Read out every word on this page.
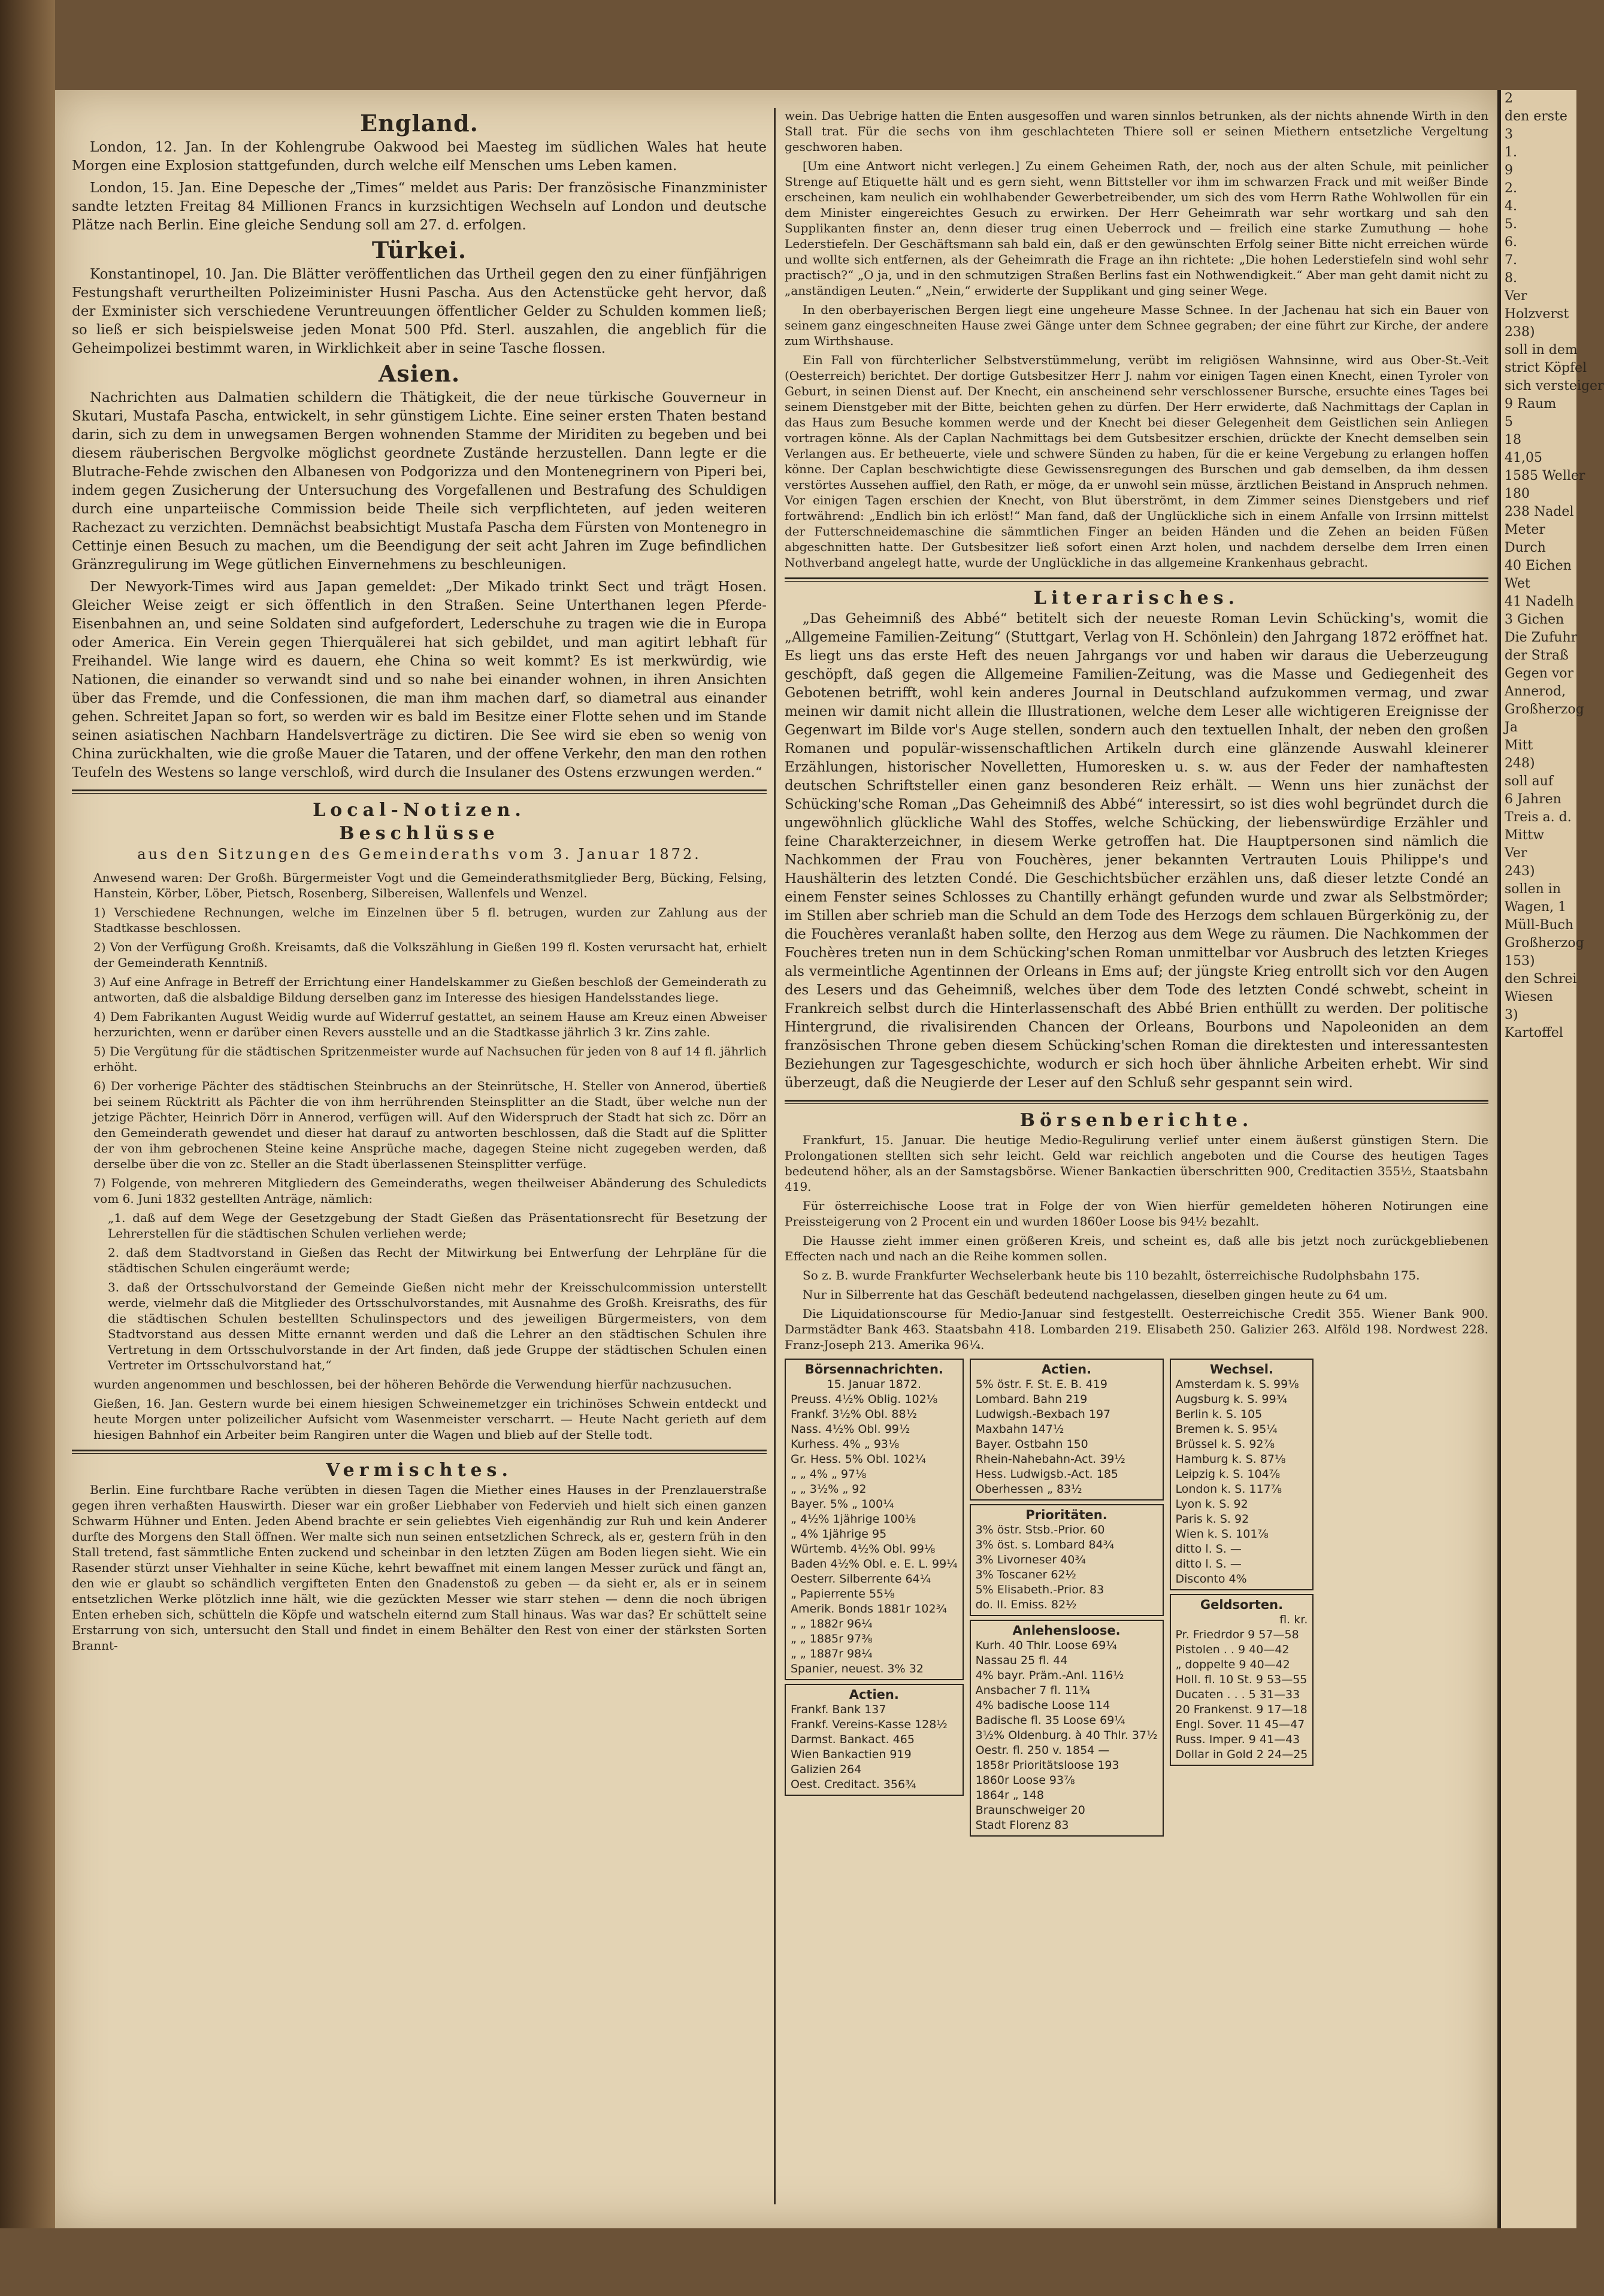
England.

London, 12. Jan. In der Kohlengrube Oakwood bei Maesteg im südlichen Wales hat heute Morgen eine Explosion stattgefunden, durch welche eilf Menschen ums Leben kamen.

London, 15. Jan. Eine Depesche der „Times“ meldet aus Paris: Der französische Finanzminister sandte letzten Freitag 84 Millionen Francs in kurzsichtigen Wechseln auf London und deutsche Plätze nach Berlin. Eine gleiche Sendung soll am 27. d. erfolgen.

Türkei.

Konstantinopel, 10. Jan. Die Blätter veröffentlichen das Urtheil gegen den zu einer fünfjährigen Festungshaft verurtheilten Polizeiminister Husni Pascha. Aus den Actenstücke geht hervor, daß der Exminister sich verschiedene Veruntreuungen öffentlicher Gelder zu Schulden kommen ließ; so ließ er sich beispielsweise jeden Monat 500 Pfd. Sterl. auszahlen, die angeblich für die Geheimpolizei bestimmt waren, in Wirklichkeit aber in seine Tasche flossen.

Asien.

Nachrichten aus Dalmatien schildern die Thätigkeit, die der neue türkische Gouverneur in Skutari, Mustafa Pascha, entwickelt, in sehr günstigem Lichte. Eine seiner ersten Thaten bestand darin, sich zu dem in unwegsamen Bergen wohnenden Stamme der Miriditen zu begeben und bei diesem räuberischen Bergvolke möglichst geordnete Zustände herzustellen. Dann legte er die Blutrache-Fehde zwischen den Albanesen von Podgorizza und den Montenegrinern von Piperi bei, indem gegen Zusicherung der Untersuchung des Vorgefallenen und Bestrafung des Schuldigen durch eine unparteiische Commission beide Theile sich verpflichteten, auf jeden weiteren Rachezact zu verzichten. Demnächst beabsichtigt Mustafa Pascha dem Fürsten von Montenegro in Cettinje einen Besuch zu machen, um die Beendigung der seit acht Jahren im Zuge befindlichen Gränzregulirung im Wege gütlichen Einvernehmens zu beschleunigen.

Der Newyork-Times wird aus Japan gemeldet: „Der Mikado trinkt Sect und trägt Hosen. Gleicher Weise zeigt er sich öffentlich in den Straßen. Seine Unterthanen legen Pferde-Eisenbahnen an, und seine Soldaten sind aufgefordert, Lederschuhe zu tragen wie die in Europa oder America. Ein Verein gegen Thierquälerei hat sich gebildet, und man agitirt lebhaft für Freihandel. Wie lange wird es dauern, ehe China so weit kommt? Es ist merkwürdig, wie Nationen, die einander so verwandt sind und so nahe bei einander wohnen, in ihren Ansichten über das Fremde, und die Confessionen, die man ihm machen darf, so diametral aus einander gehen. Schreitet Japan so fort, so werden wir es bald im Besitze einer Flotte sehen und im Stande seinen asiatischen Nachbarn Handelsverträge zu dictiren. Die See wird sie eben so wenig von China zurückhalten, wie die große Mauer die Tataren, und der offene Verkehr, den man den rothen Teufeln des Westens so lange verschloß, wird durch die Insulaner des Ostens erzwungen werden.“

Local-Notizen.
Beschlüsse
aus den Sitzungen des Gemeinderaths vom 3. Januar 1872.

Anwesend waren: Der Großh. Bürgermeister Vogt und die Gemeinderathsmitglieder Berg, Bücking, Felsing, Hanstein, Körber, Löber, Pietsch, Rosenberg, Silbereisen, Wallenfels und Wenzel.

1) Verschiedene Rechnungen, welche im Einzelnen über 5 fl. betrugen, wurden zur Zahlung aus der Stadtkasse beschlossen.

2) Von der Verfügung Großh. Kreisamts, daß die Volkszählung in Gießen 199 fl. Kosten verursacht hat, erhielt der Gemeinderath Kenntniß.

3) Auf eine Anfrage in Betreff der Errichtung einer Handelskammer zu Gießen beschloß der Gemeinderath zu antworten, daß die alsbaldige Bildung derselben ganz im Interesse des hiesigen Handelsstandes liege.

4) Dem Fabrikanten August Weidig wurde auf Widerruf gestattet, an seinem Hause am Kreuz einen Abweiser herzurichten, wenn er darüber einen Revers ausstelle und an die Stadtkasse jährlich 3 kr. Zins zahle.

5) Die Vergütung für die städtischen Spritzenmeister wurde auf Nachsuchen für jeden von 8 auf 14 fl. jährlich erhöht.

6) Der vorherige Pächter des städtischen Steinbruchs an der Steinrütsche, H. Steller von Annerod, übertieß bei seinem Rücktritt als Pächter die von ihm herrührenden Steinsplitter an die Stadt, über welche nun der jetzige Pächter, Heinrich Dörr in Annerod, verfügen will. Auf den Widerspruch der Stadt hat sich zc. Dörr an den Gemeinderath gewendet und dieser hat darauf zu antworten beschlossen, daß die Stadt auf die Splitter der von ihm gebrochenen Steine keine Ansprüche mache, dagegen Steine nicht zugegeben werden, daß derselbe über die von zc. Steller an die Stadt überlassenen Steinsplitter verfüge.

7) Folgende, von mehreren Mitgliedern des Gemeinderaths, wegen theilweiser Abänderung des Schuledicts vom 6. Juni 1832 gestellten Anträge, nämlich:

„1. daß auf dem Wege der Gesetzgebung der Stadt Gießen das Präsentationsrecht für Besetzung der Lehrerstellen für die städtischen Schulen verliehen werde;

2. daß dem Stadtvorstand in Gießen das Recht der Mitwirkung bei Entwerfung der Lehrpläne für die städtischen Schulen eingeräumt werde;

3. daß der Ortsschulvorstand der Gemeinde Gießen nicht mehr der Kreisschulcommission unterstellt werde, vielmehr daß die Mitglieder des Ortsschulvorstandes, mit Ausnahme des Großh. Kreisraths, des für die städtischen Schulen bestellten Schulinspectors und des jeweiligen Bürgermeisters, von dem Stadtvorstand aus dessen Mitte ernannt werden und daß die Lehrer an den städtischen Schulen ihre Vertretung in dem Ortsschulvorstande in der Art finden, daß jede Gruppe der städtischen Schulen einen Vertreter im Ortsschulvorstand hat,“

wurden angenommen und beschlossen, bei der höheren Behörde die Verwendung hierfür nachzusuchen.

Gießen, 16. Jan. Gestern wurde bei einem hiesigen Schweinemetzger ein trichinöses Schwein entdeckt und heute Morgen unter polizeilicher Aufsicht vom Wasenmeister verscharrt. — Heute Nacht gerieth auf dem hiesigen Bahnhof ein Arbeiter beim Rangiren unter die Wagen und blieb auf der Stelle todt.

Vermischtes.

Berlin. Eine furchtbare Rache verübten in diesen Tagen die Miether eines Hauses in der Prenzlauerstraße gegen ihren verhaßten Hauswirth. Dieser war ein großer Liebhaber von Federvieh und hielt sich einen ganzen Schwarm Hühner und Enten. Jeden Abend brachte er sein geliebtes Vieh eigenhändig zur Ruh und kein Anderer durfte des Morgens den Stall öffnen. Wer malte sich nun seinen entsetzlichen Schreck, als er, gestern früh in den Stall tretend, fast sämmtliche Enten zuckend und scheinbar in den letzten Zügen am Boden liegen sieht. Wie ein Rasender stürzt unser Viehhalter in seine Küche, kehrt bewaffnet mit einem langen Messer zurück und fängt an, den wie er glaubt so schändlich vergifteten Enten den Gnadenstoß zu geben — da sieht er, als er in seinem entsetzlichen Werke plötzlich inne hält, wie die gezückten Messer wie starr stehen — denn die noch übrigen Enten erheben sich, schütteln die Köpfe und watscheln eiternd zum Stall hinaus. Was war das? Er schüttelt seine Erstarrung von sich, untersucht den Stall und findet in einem Behälter den Rest von einer der stärksten Sorten Brannt-

wein. Das Uebrige hatten die Enten ausgesoffen und waren sinnlos betrunken, als der nichts ahnende Wirth in den Stall trat. Für die sechs von ihm geschlachteten Thiere soll er seinen Miethern entsetzliche Vergeltung geschworen haben.

[Um eine Antwort nicht verlegen.] Zu einem Geheimen Rath, der, noch aus der alten Schule, mit peinlicher Strenge auf Etiquette hält und es gern sieht, wenn Bittsteller vor ihm im schwarzen Frack und mit weißer Binde erscheinen, kam neulich ein wohlhabender Gewerbetreibender, um sich des vom Herrn Rathe Wohlwollen für ein dem Minister eingereichtes Gesuch zu erwirken. Der Herr Geheimrath war sehr wortkarg und sah den Supplikanten finster an, denn dieser trug einen Ueberrock und — freilich eine starke Zumuthung — hohe Lederstiefeln. Der Geschäftsmann sah bald ein, daß er den gewünschten Erfolg seiner Bitte nicht erreichen würde und wollte sich entfernen, als der Geheimrath die Frage an ihn richtete: „Die hohen Lederstiefeln sind wohl sehr practisch?“ „O ja, und in den schmutzigen Straßen Berlins fast ein Nothwendigkeit.“ Aber man geht damit nicht zu „anständigen Leuten.“ „Nein,“ erwiderte der Supplikant und ging seiner Wege.

In den oberbayerischen Bergen liegt eine ungeheure Masse Schnee. In der Jachenau hat sich ein Bauer von seinem ganz eingeschneiten Hause zwei Gänge unter dem Schnee gegraben; der eine führt zur Kirche, der andere zum Wirthshause.

Ein Fall von fürchterlicher Selbstverstümmelung, verübt im religiösen Wahnsinne, wird aus Ober-St.-Veit (Oesterreich) berichtet. Der dortige Gutsbesitzer Herr J. nahm vor einigen Tagen einen Knecht, einen Tyroler von Geburt, in seinen Dienst auf. Der Knecht, ein anscheinend sehr verschlossener Bursche, ersuchte eines Tages bei seinem Dienstgeber mit der Bitte, beichten gehen zu dürfen. Der Herr erwiderte, daß Nachmittags der Caplan in das Haus zum Besuche kommen werde und der Knecht bei dieser Gelegenheit dem Geistlichen sein Anliegen vortragen könne. Als der Caplan Nachmittags bei dem Gutsbesitzer erschien, drückte der Knecht demselben sein Verlangen aus. Er betheuerte, viele und schwere Sünden zu haben, für die er keine Vergebung zu erlangen hoffen könne. Der Caplan beschwichtigte diese Gewissensregungen des Burschen und gab demselben, da ihm dessen verstörtes Aussehen auffiel, den Rath, er möge, da er unwohl sein müsse, ärztlichen Beistand in Anspruch nehmen. Vor einigen Tagen erschien der Knecht, von Blut überströmt, in dem Zimmer seines Dienstgebers und rief fortwährend: „Endlich bin ich erlöst!“ Man fand, daß der Unglückliche sich in einem Anfalle von Irrsinn mittelst der Futterschneidemaschine die sämmtlichen Finger an beiden Händen und die Zehen an beiden Füßen abgeschnitten hatte. Der Gutsbesitzer ließ sofort einen Arzt holen, und nachdem derselbe dem Irren einen Nothverband angelegt hatte, wurde der Unglückliche in das allgemeine Krankenhaus gebracht.

Literarisches.

„Das Geheimniß des Abbé“ betitelt sich der neueste Roman Levin Schücking's, womit die „Allgemeine Familien-Zeitung“ (Stuttgart, Verlag von H. Schönlein) den Jahrgang 1872 eröffnet hat. Es liegt uns das erste Heft des neuen Jahrgangs vor und haben wir daraus die Ueberzeugung geschöpft, daß gegen die Allgemeine Familien-Zeitung, was die Masse und Gediegenheit des Gebotenen betrifft, wohl kein anderes Journal in Deutschland aufzukommen vermag, und zwar meinen wir damit nicht allein die Illustrationen, welche dem Leser alle wichtigeren Ereignisse der Gegenwart im Bilde vor's Auge stellen, sondern auch den textuellen Inhalt, der neben den großen Romanen und populär-wissenschaftlichen Artikeln durch eine glänzende Auswahl kleinerer Erzählungen, historischer Novelletten, Humoresken u. s. w. aus der Feder der namhaftesten deutschen Schriftsteller einen ganz besonderen Reiz erhält. — Wenn uns hier zunächst der Schücking'sche Roman „Das Geheimniß des Abbé“ interessirt, so ist dies wohl begründet durch die ungewöhnlich glückliche Wahl des Stoffes, welche Schücking, der liebenswürdige Erzähler und feine Charakterzeichner, in diesem Werke getroffen hat. Die Hauptpersonen sind nämlich die Nachkommen der Frau von Fouchères, jener bekannten Vertrauten Louis Philippe's und Haushälterin des letzten Condé. Die Geschichtsbücher erzählen uns, daß dieser letzte Condé an einem Fenster seines Schlosses zu Chantilly erhängt gefunden wurde und zwar als Selbstmörder; im Stillen aber schrieb man die Schuld an dem Tode des Herzogs dem schlauen Bürgerkönig zu, der die Fouchères veranlaßt haben sollte, den Herzog aus dem Wege zu räumen. Die Nachkommen der Fouchères treten nun in dem Schücking'schen Roman unmittelbar vor Ausbruch des letzten Krieges als vermeintliche Agentinnen der Orleans in Ems auf; der jüngste Krieg entrollt sich vor den Augen des Lesers und das Geheimniß, welches über dem Tode des letzten Condé schwebt, scheint in Frankreich selbst durch die Hinterlassenschaft des Abbé Brien enthüllt zu werden. Der politische Hintergrund, die rivalisirenden Chancen der Orleans, Bourbons und Napoleoniden an dem französischen Throne geben diesem Schücking'schen Roman die direktesten und interessantesten Beziehungen zur Tagesgeschichte, wodurch er sich hoch über ähnliche Arbeiten erhebt. Wir sind überzeugt, daß die Neugierde der Leser auf den Schluß sehr gespannt sein wird.

Börsenberichte.

Frankfurt, 15. Januar. Die heutige Medio-Regulirung verlief unter einem äußerst günstigen Stern. Die Prolongationen stellten sich sehr leicht. Geld war reichlich angeboten und die Course des heutigen Tages bedeutend höher, als an der Samstagsbörse. Wiener Bankactien überschritten 900, Creditactien 355½, Staatsbahn 419.

Für österreichische Loose trat in Folge der von Wien hierfür gemeldeten höheren Notirungen eine Preissteigerung von 2 Procent ein und wurden 1860er Loose bis 94½ bezahlt.

Die Hausse zieht immer einen größeren Kreis, und scheint es, daß alle bis jetzt noch zurückgebliebenen Effecten nach und nach an die Reihe kommen sollen.

So z. B. wurde Frankfurter Wechselerbank heute bis 110 bezahlt, österreichische Rudolphsbahn 175.

Nur in Silberrente hat das Geschäft bedeutend nachgelassen, dieselben gingen heute zu 64 um.

Die Liquidationscourse für Medio-Januar sind festgestellt. Oesterreichische Credit 355. Wiener Bank 900. Darmstädter Bank 463. Staatsbahn 418. Lombarden 219. Elisabeth 250. Galizier 263. Alföld 198. Nordwest 228. Franz-Joseph 213. Amerika 96¼.

Börsennachrichten.
15. Januar 1872.
Preuss. 4½% Oblig. 102⅛
Frankf. 3½% Obl. 88½
Nass. 4½% Obl. 99½
Kurhess. 4% „ 93⅛
Gr. Hess. 5% Obl. 102¼
„ „ 4% „ 97⅛
„ „ 3½% „ 92
Bayer. 5% „ 100¼
„ 4½% 1jährige 100⅛
„ 4% 1jährige 95
Würtemb. 4½% Obl. 99⅛
Baden 4½% Obl. e. E. L. 99¼
Oesterr. Silberrente 64¼
„ Papierrente 55⅛
Amerik. Bonds 1881r 102¾
„ „ 1882r 96¼
„ „ 1885r 97⅜
„ „ 1887r 98¼
Spanier, neuest. 3% 32
Actien.
Frankf. Bank 137
Frankf. Vereins-Kasse 128½
Darmst. Bankact. 465
Wien Bankactien 919
Galizien 264
Oest. Creditact. 356¾
Actien.
5% östr. F. St. E. B. 419
Lombard. Bahn 219
Ludwigsh.-Bexbach 197
Maxbahn 147½
Bayer. Ostbahn 150
Rhein-Nahebahn-Act. 39½
Hess. Ludwigsb.-Act. 185
Oberhessen „ 83½
Prioritäten.
3% östr. Stsb.-Prior. 60
3% öst. s. Lombard 84¾
3% Livorneser 40¾
3% Toscaner 62½
5% Elisabeth.-Prior. 83
do. II. Emiss. 82½
Anlehensloose.
Kurh. 40 Thlr. Loose 69¼
Nassau 25 fl. 44
4% bayr. Präm.-Anl. 116½
Ansbacher 7 fl. 11¾
4% badische Loose 114
Badische fl. 35 Loose 69¼
3½% Oldenburg. à 40 Thlr. 37½
Oestr. fl. 250 v. 1854 —
1858r Prioritätsloose 193
1860r Loose 93⅞
1864r „ 148
Braunschweiger 20
Stadt Florenz 83
Wechsel.
Amsterdam k. S. 99⅛
Augsburg k. S. 99¾
Berlin k. S. 105
Bremen k. S. 95¼
Brüssel k. S. 92⅞
Hamburg k. S. 87⅛
Leipzig k. S. 104⅞
London k. S. 117⅞
Lyon k. S. 92
Paris k. S. 92
Wien k. S. 101⅞
ditto l. S. —
ditto l. S. —
Disconto 4%
Geldsorten.
fl. kr.
Pr. Friedrdor 9 57—58
Pistolen . . 9 40—42
„ doppelte 9 40—42
Holl. fl. 10 St. 9 53—55
Ducaten . . . 5 31—33
20 Frankenst. 9 17—18
Engl. Sover. 11 45—47
Russ. Imper. 9 41—43
Dollar in Gold 2 24—25
2
den erste
3
1.
9
2.
4.
5.
6.
7.
8.
Ver
Holzverst
238)
soll in dem
strict Köpfel
sich versteiger
9 Raum
5
18
41,05
1585 Weller
180
238 Nadel
Meter
Durch
40 Eichen
Wet
41 Nadelh
3 Gichen
Die Zufuhr
der Straß
Gegen vor
Annerod,
Großherzog
Ja
Mitt
248)
soll auf
6 Jahren
Treis a. d.
Mittw
Ver
243)
sollen in
Wagen, 1
Müll-Buch
Großherzog
153)
den Schrei
Wiesen
3)
Kartoffel
